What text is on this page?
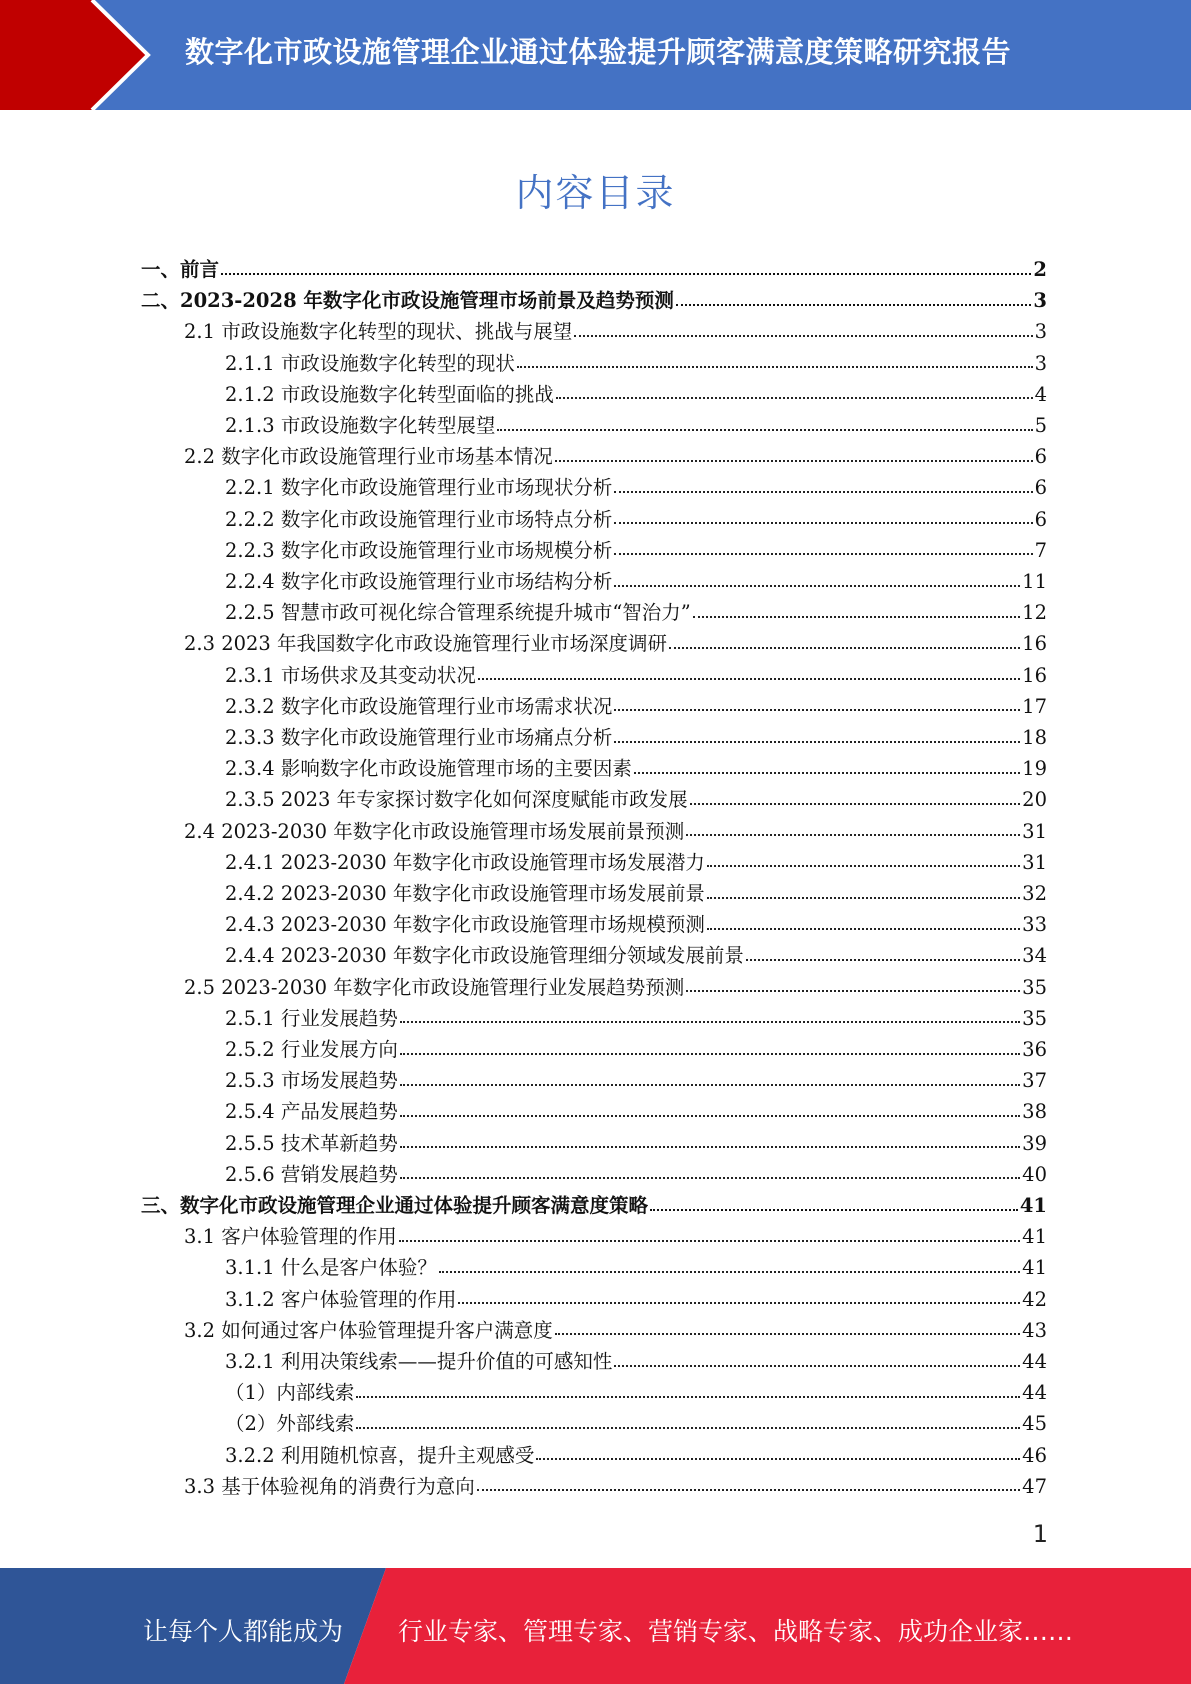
数字化市政设施管理企业通过体验提升顾客满意度策略研究报告
内容目录
一、前言	2
二、2023-2028 年数字化市政设施管理市场前景及趋势预测	3
2.1 市政设施数字化转型的现状、挑战与展望	3
2.1.1 市政设施数字化转型的现状	3
2.1.2 市政设施数字化转型面临的挑战	4
2.1.3 市政设施数字化转型展望	5
2.2 数字化市政设施管理行业市场基本情况	6
2.2.1 数字化市政设施管理行业市场现状分析	6
2.2.2 数字化市政设施管理行业市场特点分析	6
2.2.3 数字化市政设施管理行业市场规模分析	7
2.2.4 数字化市政设施管理行业市场结构分析	11
2.2.5 智慧市政可视化综合管理系统提升城市“智治力”	12
2.3 2023 年我国数字化市政设施管理行业市场深度调研	16
2.3.1 市场供求及其变动状况	16
2.3.2 数字化市政设施管理行业市场需求状况	17
2.3.3 数字化市政设施管理行业市场痛点分析	18
2.3.4 影响数字化市政设施管理市场的主要因素	19
2.3.5 2023 年专家探讨数字化如何深度赋能市政发展	20
2.4 2023-2030 年数字化市政设施管理市场发展前景预测	31
2.4.1 2023-2030 年数字化市政设施管理市场发展潜力	31
2.4.2 2023-2030 年数字化市政设施管理市场发展前景	32
2.4.3 2023-2030 年数字化市政设施管理市场规模预测	33
2.4.4 2023-2030 年数字化市政设施管理细分领域发展前景	34
2.5 2023-2030 年数字化市政设施管理行业发展趋势预测	35
2.5.1 行业发展趋势	35
2.5.2 行业发展方向	36
2.5.3 市场发展趋势	37
2.5.4 产品发展趋势	38
2.5.5 技术革新趋势	39
2.5.6 营销发展趋势	40
三、数字化市政设施管理企业通过体验提升顾客满意度策略	41
3.1 客户体验管理的作用	41
3.1.1 什么是客户体验？	41
3.1.2 客户体验管理的作用	42
3.2 如何通过客户体验管理提升客户满意度	43
3.2.1 利用决策线索——提升价值的可感知性	44
（1）内部线索	44
（2）外部线索	45
3.2.2 利用随机惊喜，提升主观感受	46
3.3 基于体验视角的消费行为意向	47
1
让每个人都能成为 行业专家、管理专家、营销专家、战略专家、成功企业家……
